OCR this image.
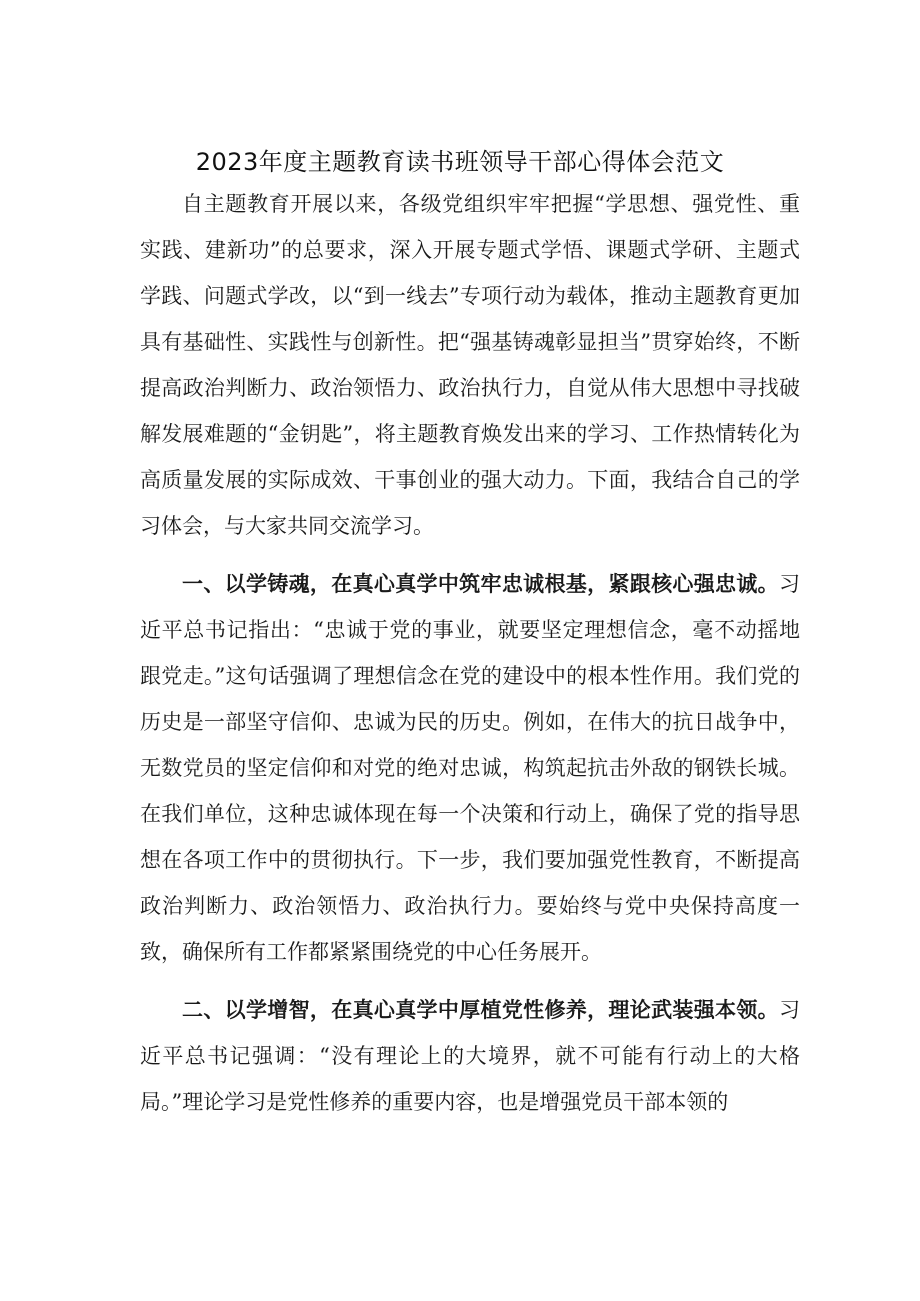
2023年度主题教育读书班领导干部心得体会范文

自主题教育开展以来，各级党组织牢牢把握“学思想、强党性、重实践、建新功”的总要求，深入开展专题式学悟、课题式学研、主题式学践、问题式学改，以“到一线去”专项行动为载体，推动主题教育更加具有基础性、实践性与创新性。把“强基铸魂彰显担当”贯穿始终，不断提高政治判断力、政治领悟力、政治执行力，自觉从伟大思想中寻找破解发展难题的“金钥匙”，将主题教育焕发出来的学习、工作热情转化为高质量发展的实际成效、干事创业的强大动力。下面，我结合自己的学习体会，与大家共同交流学习。

一、以学铸魂，在真心真学中筑牢忠诚根基，紧跟核心强忠诚。习近平总书记指出：“忠诚于党的事业，就要坚定理想信念，毫不动摇地跟党走。”这句话强调了理想信念在党的建设中的根本性作用。我们党的历史是一部坚守信仰、忠诚为民的历史。例如，在伟大的抗日战争中，无数党员的坚定信仰和对党的绝对忠诚，构筑起抗击外敌的钢铁长城。在我们单位，这种忠诚体现在每一个决策和行动上，确保了党的指导思想在各项工作中的贯彻执行。下一步，我们要加强党性教育，不断提高政治判断力、政治领悟力、政治执行力。要始终与党中央保持高度一致，确保所有工作都紧紧围绕党的中心任务展开。

二、以学增智，在真心真学中厚植党性修养，理论武装强本领。习近平总书记强调：“没有理论上的大境界，就不可能有行动上的大格局。”理论学习是党性修养的重要内容，也是增强党员干部本领的
